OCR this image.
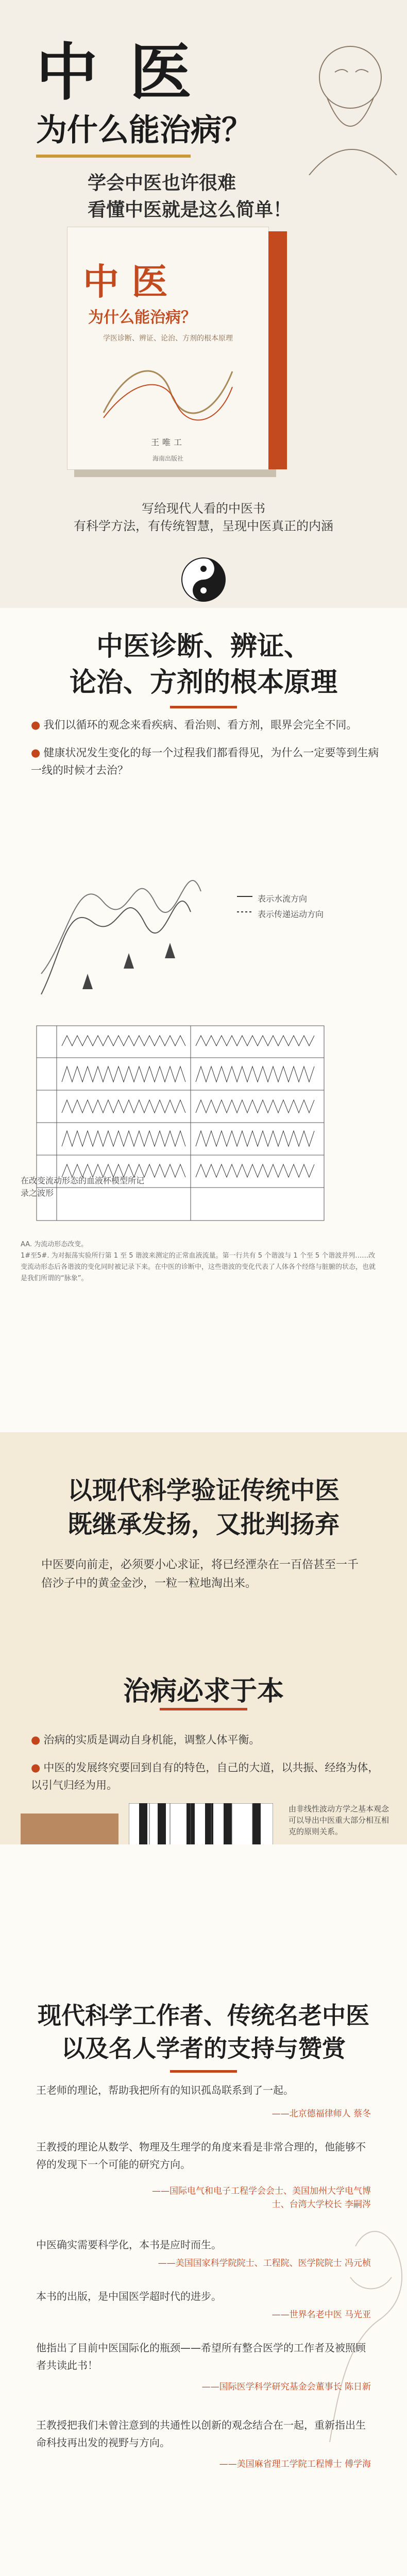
中 医
为什么能治病？
学会中医也许很难
看懂中医就是这么简单！
中 医
为什么能治病？
学医诊断、辨证、论治、方剂的根本原理
王唯工
海南出版社
写给现代人看的中医书
有科学方法，有传统智慧，呈现中医真正的内涵
中医诊断、辨证、
论治、方剂的根本原理
● 我们以循环的观念来看疾病、看治则、看方剂，眼界会完全不同。
● 健康状况发生变化的每一个过程我们都看得见，为什么一定要等到生病一线的时候才去治？
表示水流方向
表示传递运动方向
在改变流动形态的血液杯模型所记录之波形
AA. 为流动形态改变。
1#至5#. 为对振荡实验所行第 1 至 5 谐波来测定的正常血液流量。第一行共有 5 个谐波与 1 个至 5 个谐波并列……改变流动形态后各谐波的变化同时被记录下来。在中医的诊断中，这些谐波的变化代表了人体各个经络与脏腑的状态，也就是我们所谓的“脉象”。
以现代科学验证传统中医
既继承发扬，又批判扬弃
中医要向前走，必须要小心求证，将已经湮杂在一百倍甚至一千倍沙子中的黄金金沙，一粒一粒地淘出来。
治病必求于本
● 治病的实质是调动自身机能，调整人体平衡。
● 中医的发展终究要回到自有的特色，自己的大道，以共振、经络为体，以引气归经为用。
由非线性波动方学之基本观念可以导出中医重大部分相互相克的原则关系。
现代科学工作者、传统名老中医
以及名人学者的支持与赞赏
王老师的理论，帮助我把所有的知识孤岛联系到了一起。
——北京德福律师人 蔡冬
王教授的理论从数学、物理及生理学的角度来看是非常合理的，他能够不停的发现下一个可能的研究方向。
——国际电气和电子工程学会会士、美国加州大学电气博士、台湾大学校长 李嗣涔
中医确实需要科学化，本书是应时而生。
——美国国家科学院院士、工程院、医学院院士 冯元桢
本书的出版，是中国医学超时代的进步。
——世界名老中医 马光亚
他指出了目前中医国际化的瓶颈——希望所有整合医学的工作者及被照顾者共读此书！
——国际医学科学研究基金会董事长 陈日新
王教授把我们未曾注意到的共通性以创新的观念结合在一起，重新指出生命科技再出发的视野与方向。
——美国麻省理工学院工程博士 傅学海
